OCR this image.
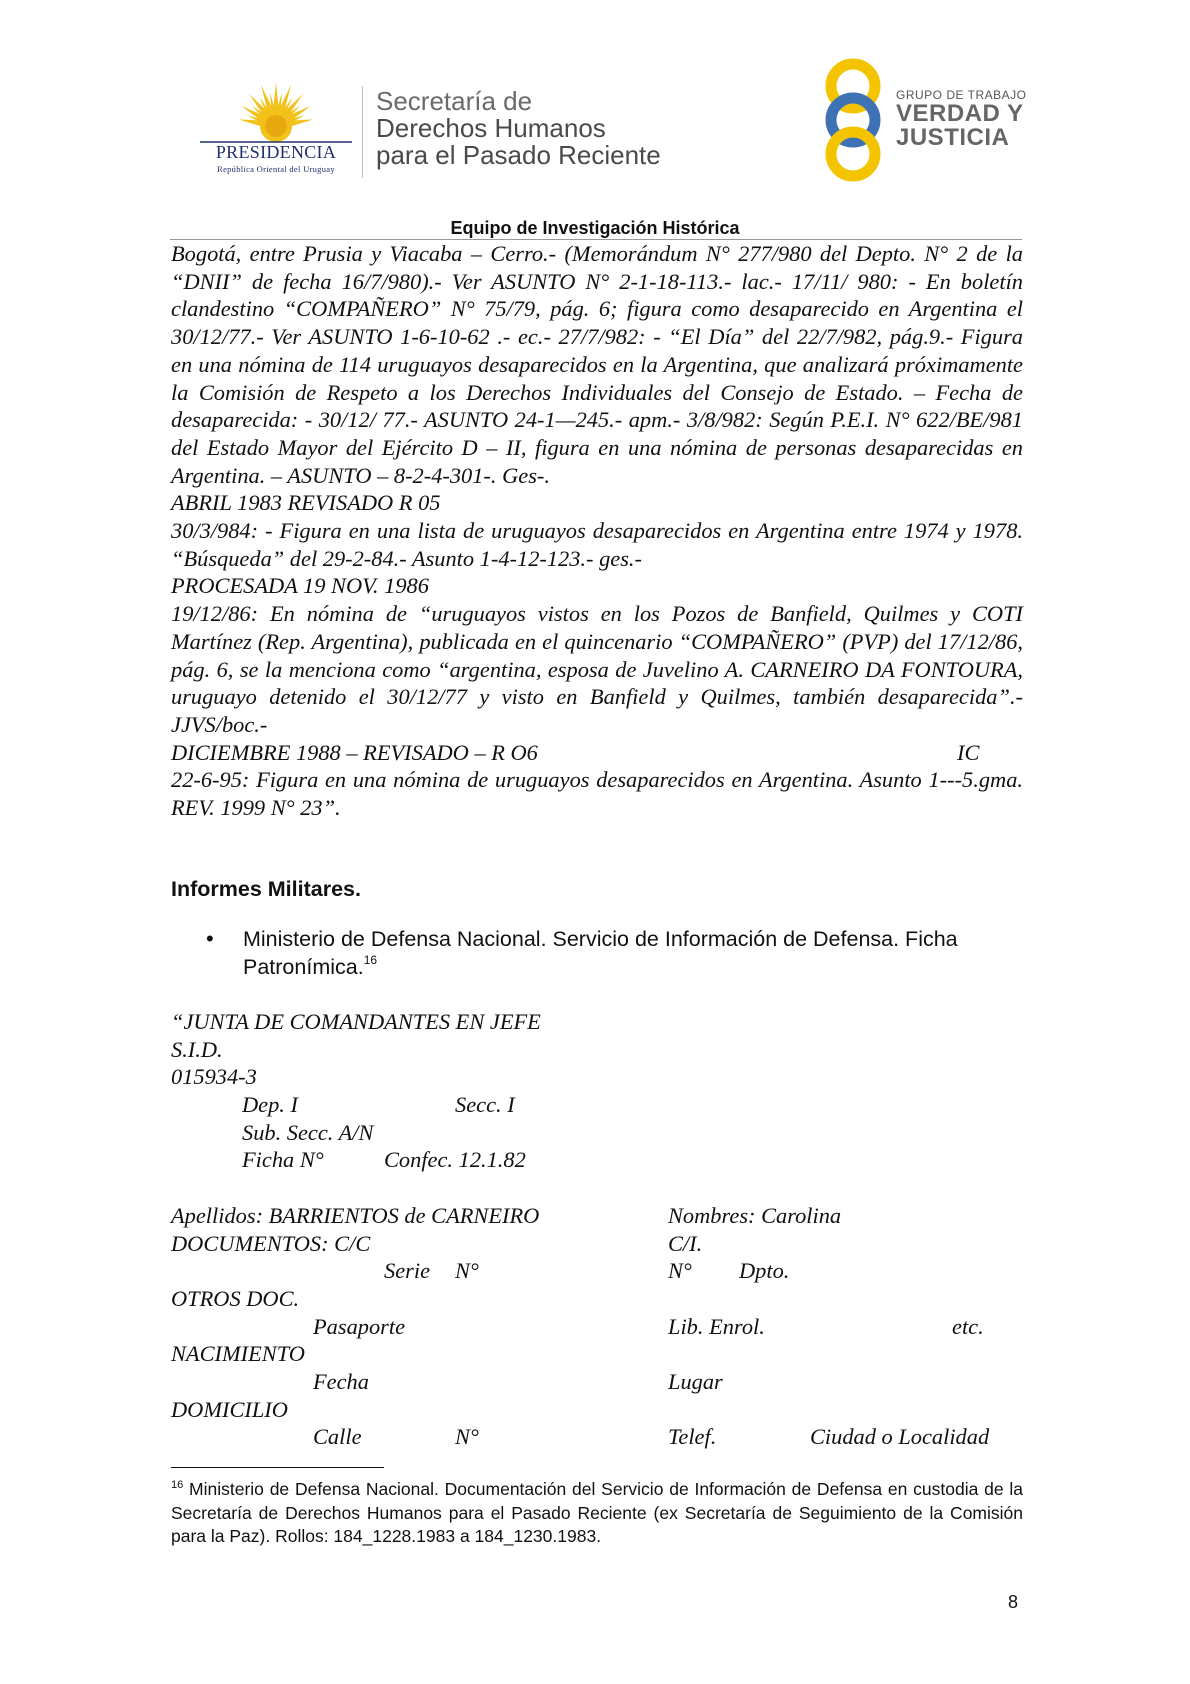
PRESIDENCIA
República Oriental del Uruguay
Secretaría de
Derechos Humanos
para el Pasado Reciente
GRUPO DE TRABAJO
VERDAD Y
JUSTICIA
Equipo de Investigación Histórica

Bogotá, entre Prusia y Viacaba – Cerro.- (Memorándum N° 277/980 del Depto. N° 2 de la “DNII” de fecha 16/7/980).- Ver ASUNTO N° 2-1-18-113.- lac.- 17/11/ 980: - En boletín clandestino “COMPAÑERO” N° 75/79, pág. 6; figura como desaparecido en Argentina el 30/12/77.- Ver ASUNTO 1-6-10-62 .- ec.- 27/7/982: - “El Día” del 22/7/982, pág.9.- Figura en una nómina de 114 uruguayos desaparecidos en la Argentina, que analizará próximamente la Comisión de Respeto a los Derechos Individuales del Consejo de Estado. – Fecha de desaparecida: - 30/12/ 77.- ASUNTO 24-1—245.- apm.- 3/8/982: Según P.E.I. N° 622/BE/981 del Estado Mayor del Ejército D – II, figura en una nómina de personas desaparecidas en Argentina. – ASUNTO – 8-2-4-301-. Ges-.

ABRIL 1983 REVISADO R 05

30/3/984: - Figura en una lista de uruguayos desaparecidos en Argentina entre 1974 y 1978. “Búsqueda” del 29-2-84.- Asunto 1-4-12-123.- ges.-

PROCESADA 19 NOV. 1986

19/12/86: En nómina de “uruguayos vistos en los Pozos de Banfield, Quilmes y COTI Martínez (Rep. Argentina), publicada en el quincenario “COMPAÑERO” (PVP) del 17/12/86, pág. 6, se la menciona como “argentina, esposa de Juvelino A. CARNEIRO DA FONTOURA, uruguayo detenido el 30/12/77 y visto en Banfield y Quilmes, también desaparecida”.- JJVS/boc.-

DICIEMBRE 1988 – REVISADO – R O6	IC

22-6-95: Figura en una nómina de uruguayos desaparecidos en Argentina. Asunto 1---5.gma. REV. 1999 N° 23”.

Informes Militares.
• Ministerio de Defensa Nacional. Servicio de Información de Defensa. Ficha Patronímica.$^{16}$
“JUNTA DE COMANDANTES EN JEFE
S.I.D.
015934-3
Dep. I	Secc. I
Sub. Secc. A/N
Ficha N°	Confec. 12.1.82
Apellidos: BARRIENTOS de CARNEIRO	Nombres: Carolina
DOCUMENTOS: C/C	C/I.
Serie N°	N° Dpto.
OTROS DOC.
Pasaporte	Lib. Enrol.	etc.
NACIMIENTO
Fecha	Lugar
DOMICILIO
Calle	N°	Telef.	Ciudad o Localidad
$^{16}$ Ministerio de Defensa Nacional. Documentación del Servicio de Información de Defensa en custodia de la Secretaría de Derechos Humanos para el Pasado Reciente (ex Secretaría de Seguimiento de la Comisión para la Paz). Rollos: 184_1228.1983 a 184_1230.1983.
8
